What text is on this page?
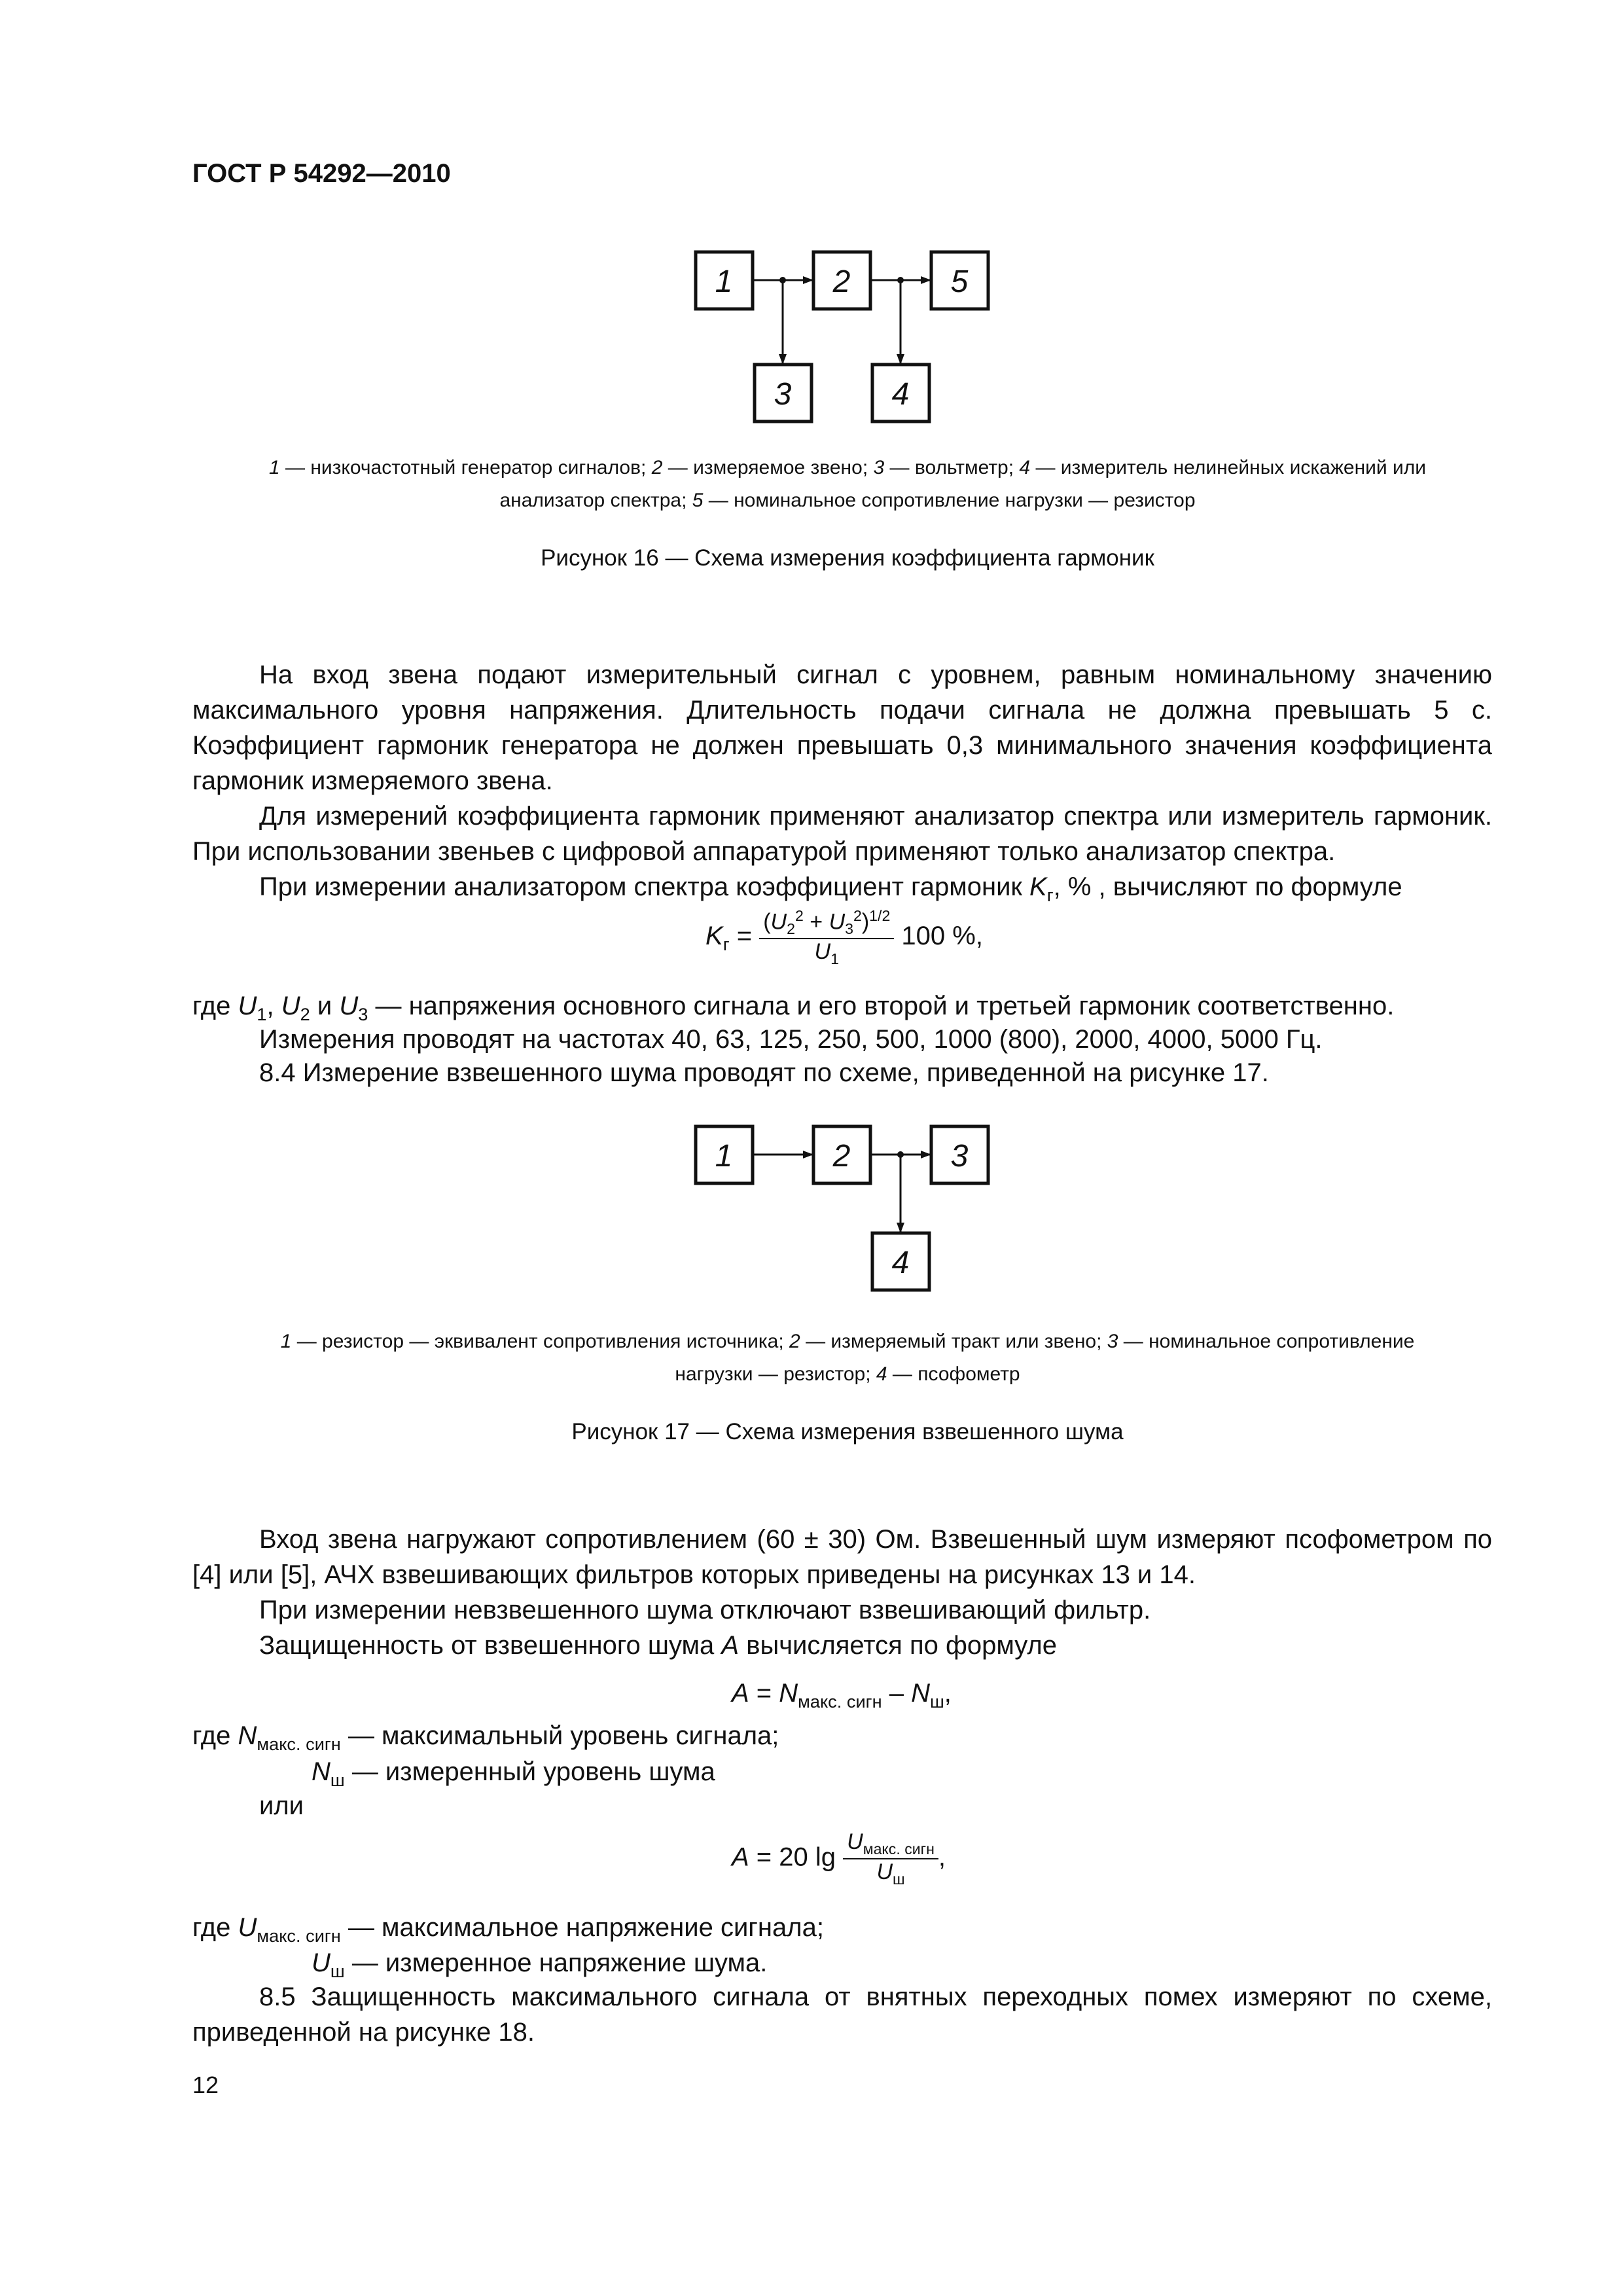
ГОСТ Р 54292—2010
1	2	5
3	4
1 — низкочастотный генератор сигналов; 2 — измеряемое звено; 3 — вольтметр; 4 — измеритель нелинейных искажений или
анализатор спектра; 5 — номинальное сопротивление нагрузки — резистор
Рисунок 16 — Схема измерения коэффициента гармоник
На вход звена подают измерительный сигнал с уровнем, равным номинальному значению максимального уровня напряжения. Длительность подачи сигнала не должна превышать 5 с. Коэффициент гармоник генератора не должен превышать 0,3 минимального значения коэффициента гармоник измеряемого звена.
Для измерений коэффициента гармоник применяют анализатор спектра или измеритель гармоник. При использовании звеньев с цифровой аппаратурой применяют только анализатор спектра.
При измерении анализатором спектра коэффициент гармоник $K_г$, % , вычисляют по формуле
$K_г = \frac{(U_2^2 + U_3^2)^{1/2}}{U_1} 100$ %,
где $U_1$, $U_2$ и $U_3$ — напряжения основного сигнала и его второй и третьей гармоник соответственно.
Измерения проводят на частотах 40, 63, 125, 250, 500, 1000 (800), 2000, 4000, 5000 Гц.
8.4 Измерение взвешенного шума проводят по схеме, приведенной на рисунке 17.
1	2	3
4
1 — резистор — эквивалент сопротивления источника; 2 — измеряемый тракт или звено; 3 — номинальное сопротивление
нагрузки — резистор; 4 — псофометр
Рисунок 17 — Схема измерения взвешенного шума
Вход звена нагружают сопротивлением (60 ± 30) Ом. Взвешенный шум измеряют псофометром по [4] или [5], АЧХ взвешивающих фильтров которых приведены на рисунках 13 и 14.
При измерении невзвешенного шума отключают взвешивающий фильтр.
Защищенность от взвешенного шума A вычисляется по формуле
$A = N_{макс. сигн} - N_ш$,
где $N_{макс. сигн}$ — максимальный уровень сигнала;
$N_ш$ — измеренный уровень шума
или
A = 20 $\lg \frac{U_{макс. сигн}}{U_ш}$ ,
где $U_{макс. сигн}$ — максимальное напряжение сигнала;
$U_ш$ — измеренное напряжение шума.
8.5 Защищенность максимального сигнала от внятных переходных помех измеряют по схеме, приведенной на рисунке 18.
12
